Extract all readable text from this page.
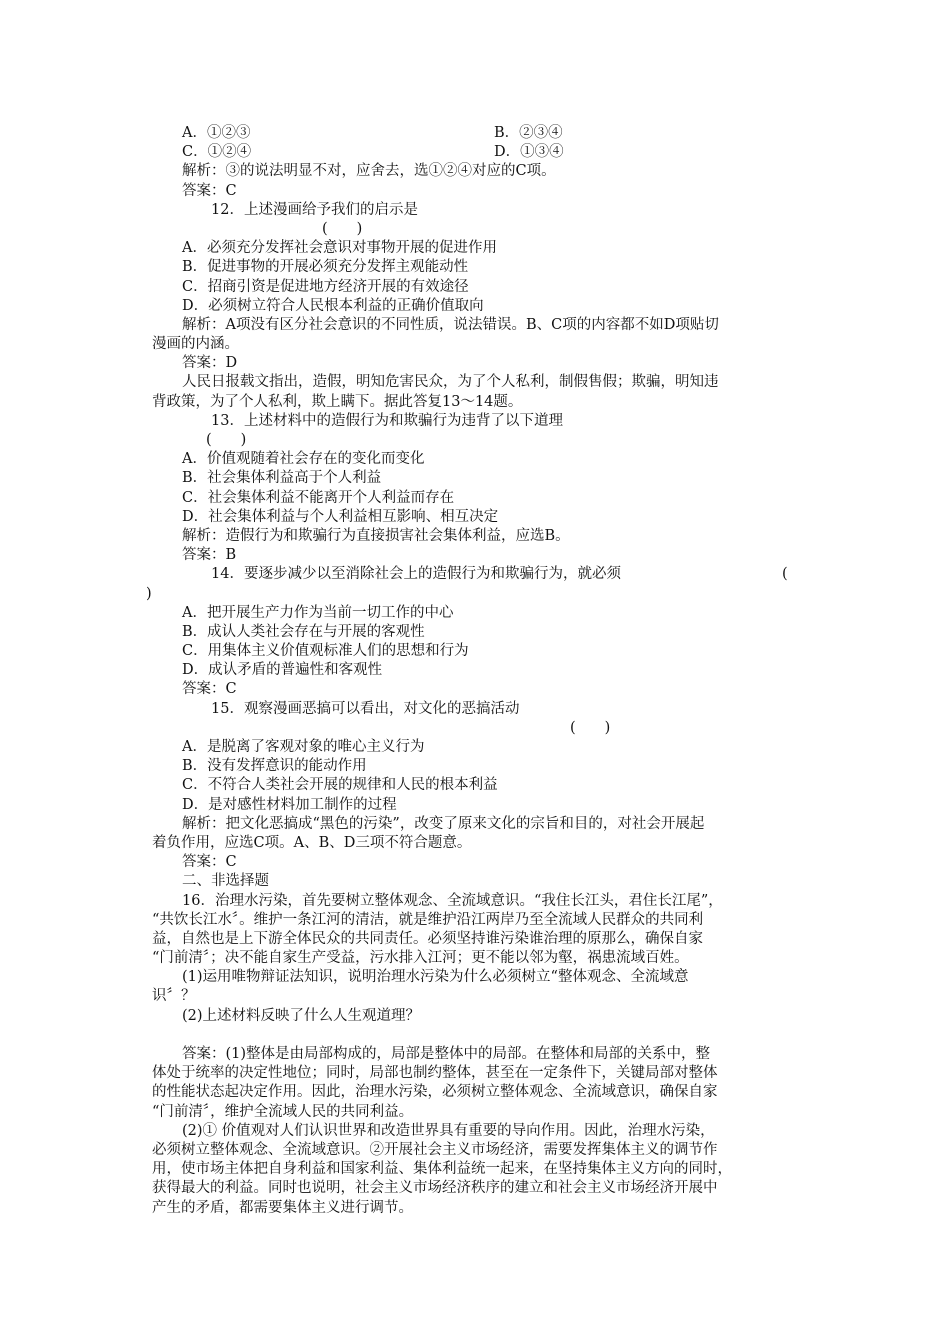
A．①②③	B．②③④
C．①②④	D．①③④
解析：③的说法明显不对，应舍去，选①②④对应的C项。
答案：C
12．上述漫画给予我们的启示是
(　　)
A．必须充分发挥社会意识对事物开展的促进作用
B．促进事物的开展必须充分发挥主观能动性
C．招商引资是促进地方经济开展的有效途径
D．必须树立符合人民根本利益的正确价值取向
解析：A项没有区分社会意识的不同性质，说法错误。B、C项的内容都不如D项贴切
漫画的内涵。
答案：D
人民日报载文指出，造假，明知危害民众，为了个人私利，制假售假；欺骗，明知违
背政策，为了个人私利，欺上瞒下。据此答复13～14题。
13．上述材料中的造假行为和欺骗行为违背了以下道理
(　　)
A．价值观随着社会存在的变化而变化
B．社会集体利益高于个人利益
C．社会集体利益不能离开个人利益而存在
D．社会集体利益与个人利益相互影响、相互决定
解析：造假行为和欺骗行为直接损害社会集体利益，应选B。
答案：B
14．要逐步减少以至消除社会上的造假行为和欺骗行为，就必须	(
)
A．把开展生产力作为当前一切工作的中心
B．成认人类社会存在与开展的客观性
C．用集体主义价值观标准人们的思想和行为
D．成认矛盾的普遍性和客观性
答案：C
15．观察漫画恶搞可以看出，对文化的恶搞活动
(　　)
A．是脱离了客观对象的唯心主义行为
B．没有发挥意识的能动作用
C．不符合人类社会开展的规律和人民的根本利益
D．是对感性材料加工制作的过程
解析：把文化恶搞成“黑色的污染”，改变了原来文化的宗旨和目的，对社会开展起
着负作用，应选C项。A、B、D三项不符合题意。
答案：C
二、非选择题
16．治理水污染，首先要树立整体观念、全流域意识。“我住长江头，君住长江尾”，
“共饮长江水〞。维护一条江河的清洁，就是维护沿江两岸乃至全流域人民群众的共同利
益，自然也是上下游全体民众的共同责任。必须坚持谁污染谁治理的原那么，确保自家
“门前清〞；决不能自家生产受益，污水排入江河；更不能以邻为壑，祸患流域百姓。
(1)运用唯物辩证法知识，说明治理水污染为什么必须树立“整体观念、全流域意
识〞？
(2)上述材料反映了什么人生观道理？
答案：(1)整体是由局部构成的，局部是整体中的局部。在整体和局部的关系中，整
体处于统率的决定性地位；同时，局部也制约整体，甚至在一定条件下，关键局部对整体
的性能状态起决定作用。因此，治理水污染，必须树立整体观念、全流域意识，确保自家
“门前清〞，维护全流域人民的共同利益。
(2)① 价值观对人们认识世界和改造世界具有重要的导向作用。因此，治理水污染，
必须树立整体观念、全流域意识。②开展社会主义市场经济，需要发挥集体主义的调节作
用，使市场主体把自身利益和国家利益、集体利益统一起来，在坚持集体主义方向的同时，
获得最大的利益。同时也说明，社会主义市场经济秩序的建立和社会主义市场经济开展中
产生的矛盾，都需要集体主义进行调节。
